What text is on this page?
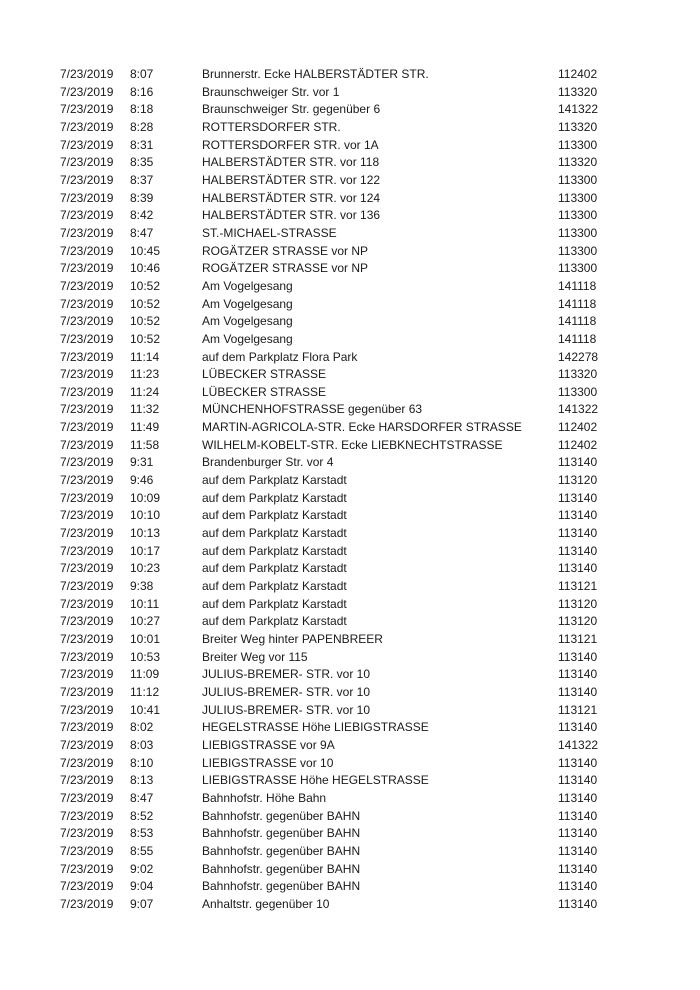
7/23/2019	8:07	Brunnerstr. Ecke HALBERSTÄDTER STR.	112402
7/23/2019	8:16	Braunschweiger Str. vor 1	113320
7/23/2019	8:18	Braunschweiger Str. gegenüber 6	141322
7/23/2019	8:28	ROTTERSDORFER STR.	113320
7/23/2019	8:31	ROTTERSDORFER STR. vor 1A	113300
7/23/2019	8:35	HALBERSTÄDTER STR. vor 118	113320
7/23/2019	8:37	HALBERSTÄDTER STR. vor 122	113300
7/23/2019	8:39	HALBERSTÄDTER STR. vor 124	113300
7/23/2019	8:42	HALBERSTÄDTER STR. vor 136	113300
7/23/2019	8:47	ST.-MICHAEL-STRASSE	113300
7/23/2019	10:45	ROGÄTZER STRASSE vor NP	113300
7/23/2019	10:46	ROGÄTZER STRASSE vor NP	113300
7/23/2019	10:52	Am Vogelgesang	141118
7/23/2019	10:52	Am Vogelgesang	141118
7/23/2019	10:52	Am Vogelgesang	141118
7/23/2019	10:52	Am Vogelgesang	141118
7/23/2019	11:14	auf dem Parkplatz Flora Park	142278
7/23/2019	11:23	LÜBECKER STRASSE	113320
7/23/2019	11:24	LÜBECKER STRASSE	113300
7/23/2019	11:32	MÜNCHENHOFSTRASSE gegenüber 63	141322
7/23/2019	11:49	MARTIN-AGRICOLA-STR. Ecke HARSDORFER STRASSE	112402
7/23/2019	11:58	WILHELM-KOBELT-STR. Ecke LIEBKNECHTSTRASSE	112402
7/23/2019	9:31	Brandenburger Str. vor 4	113140
7/23/2019	9:46	auf dem Parkplatz Karstadt	113120
7/23/2019	10:09	auf dem Parkplatz Karstadt	113140
7/23/2019	10:10	auf dem Parkplatz Karstadt	113140
7/23/2019	10:13	auf dem Parkplatz Karstadt	113140
7/23/2019	10:17	auf dem Parkplatz Karstadt	113140
7/23/2019	10:23	auf dem Parkplatz Karstadt	113140
7/23/2019	9:38	auf dem Parkplatz Karstadt	113121
7/23/2019	10:11	auf dem Parkplatz Karstadt	113120
7/23/2019	10:27	auf dem Parkplatz Karstadt	113120
7/23/2019	10:01	Breiter Weg hinter PAPENBREER	113121
7/23/2019	10:53	Breiter Weg vor 115	113140
7/23/2019	11:09	JULIUS-BREMER- STR. vor 10	113140
7/23/2019	11:12	JULIUS-BREMER- STR. vor 10	113140
7/23/2019	10:41	JULIUS-BREMER- STR. vor 10	113121
7/23/2019	8:02	HEGELSTRASSE Höhe LIEBIGSTRASSE	113140
7/23/2019	8:03	LIEBIGSTRASSE vor 9A	141322
7/23/2019	8:10	LIEBIGSTRASSE vor 10	113140
7/23/2019	8:13	LIEBIGSTRASSE Höhe HEGELSTRASSE	113140
7/23/2019	8:47	Bahnhofstr. Höhe Bahn	113140
7/23/2019	8:52	Bahnhofstr. gegenüber BAHN	113140
7/23/2019	8:53	Bahnhofstr. gegenüber BAHN	113140
7/23/2019	8:55	Bahnhofstr. gegenüber BAHN	113140
7/23/2019	9:02	Bahnhofstr. gegenüber BAHN	113140
7/23/2019	9:04	Bahnhofstr. gegenüber BAHN	113140
7/23/2019	9:07	Anhaltstr. gegenüber 10	113140
